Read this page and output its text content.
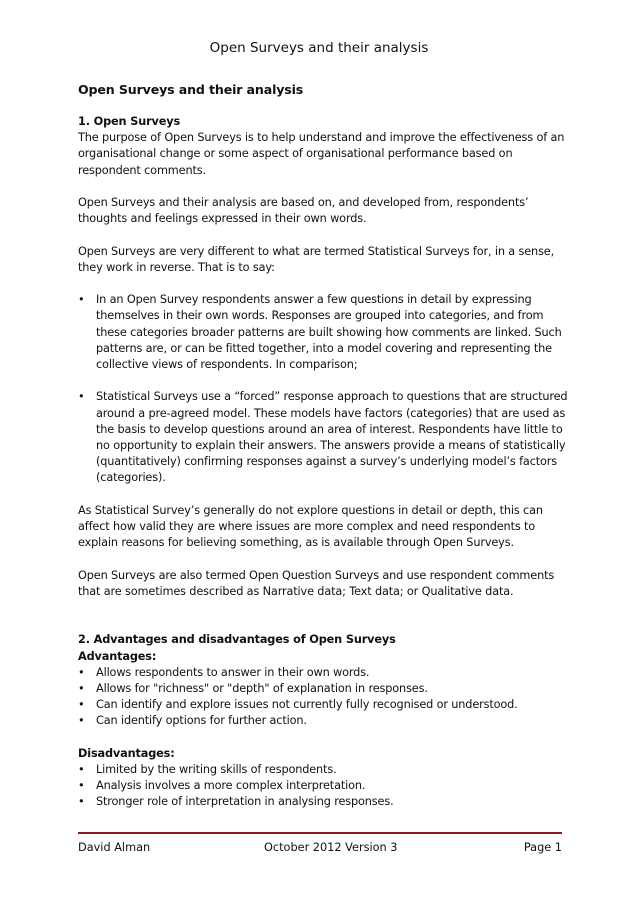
Open Surveys and their analysis
Open Surveys and their analysis
1. Open Surveys

The purpose of Open Surveys is to help understand and improve the effectiveness of an organisational change or some aspect of organisational performance based on respondent comments.

Open Surveys and their analysis are based on, and developed from, respondents’ thoughts and feelings expressed in their own words.

Open Surveys are very different to what are termed Statistical Surveys for, in a sense, they work in reverse. That is to say:

•	In an Open Survey respondents answer a few questions in detail by expressing themselves in their own words. Responses are grouped into categories, and from these categories broader patterns are built showing how comments are linked. Such patterns are, or can be fitted together, into a model covering and representing the collective views of respondents. In comparison;
•	Statistical Surveys use a “forced” response approach to questions that are structured around a pre-agreed model. These models have factors (categories) that are used as the basis to develop questions around an area of interest. Respondents have little to no opportunity to explain their answers. The answers provide a means of statistically (quantitatively) confirming responses against a survey’s underlying model’s factors (categories).

As Statistical Survey’s generally do not explore questions in detail or depth, this can affect how valid they are where issues are more complex and need respondents to explain reasons for believing something, as is available through Open Surveys.

Open Surveys are also termed Open Question Surveys and use respondent comments that are sometimes described as Narrative data; Text data; or Qualitative data.

2. Advantages and disadvantages of Open Surveys
Advantages:
•	Allows respondents to answer in their own words.
•	Allows for "richness" or "depth" of explanation in responses.
•	Can identify and explore issues not currently fully recognised or understood.
•	Can identify options for further action.
Disadvantages:
•	Limited by the writing skills of respondents.
•	Analysis involves a more complex interpretation.
•	Stronger role of interpretation in analysing responses.
David Alman	October 2012 Version 3	Page 1
